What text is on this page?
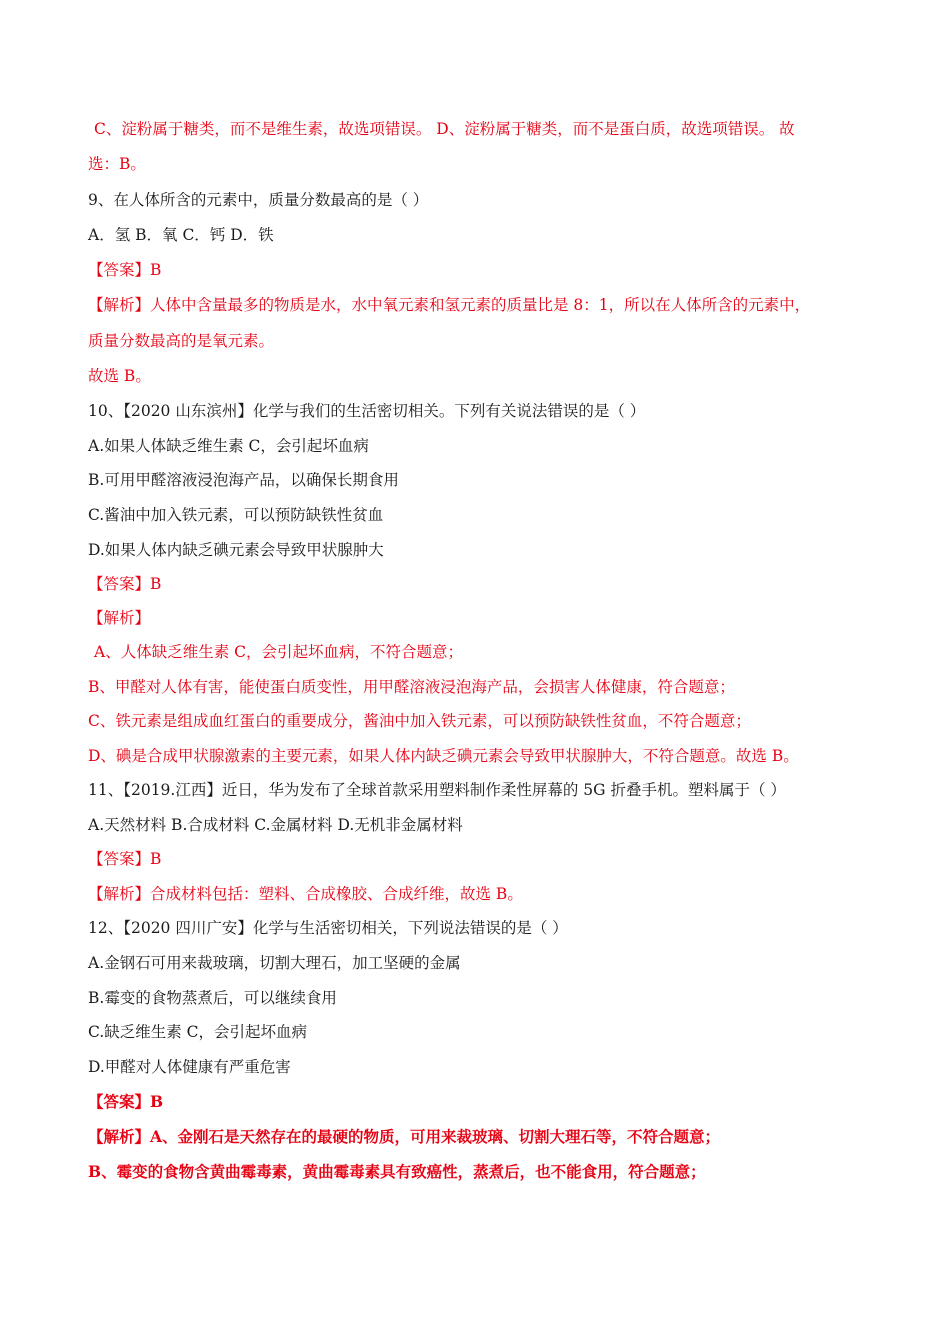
C、淀粉属于糖类，而不是维生素，故选项错误。 D、淀粉属于糖类，而不是蛋白质，故选项错误。 故
选：B。
9、在人体所含的元素中，质量分数最高的是（ ）
A．氢 B．氧 C．钙 D．铁
【答案】B
【解析】人体中含量最多的物质是水，水中氧元素和氢元素的质量比是 8：1，所以在人体所含的元素中，
质量分数最高的是氧元素。
故选 B。
10、【2020 山东滨州】化学与我们的生活密切相关。下列有关说法错误的是（ ）
A.如果人体缺乏维生素 C，会引起坏血病
B.可用甲醛溶液浸泡海产品，以确保长期食用
C.酱油中加入铁元素，可以预防缺铁性贫血
D.如果人体内缺乏碘元素会导致甲状腺肿大
【答案】B
【解析】
A、人体缺乏维生素 C，会引起坏血病，不符合题意；
B、甲醛对人体有害，能使蛋白质变性，用甲醛溶液浸泡海产品，会损害人体健康，符合题意；
C、铁元素是组成血红蛋白的重要成分，酱油中加入铁元素，可以预防缺铁性贫血，不符合题意；
D、碘是合成甲状腺激素的主要元素，如果人体内缺乏碘元素会导致甲状腺肿大，不符合题意。故选 B。
11、【2019.江西】近日，华为发布了全球首款采用塑料制作柔性屏幕的 5G 折叠手机。塑料属于（ ）
A.天然材料 B.合成材料 C.金属材料 D.无机非金属材料
【答案】B
【解析】合成材料包括：塑料、合成橡胶、合成纤维，故选 B。
12、【2020 四川广安】化学与生活密切相关，下列说法错误的是（ ）
A.金钢石可用来裁玻璃，切割大理石，加工坚硬的金属
B.霉变的食物蒸煮后，可以继续食用
C.缺乏维生素 C，会引起坏血病
D.甲醛对人体健康有严重危害
【答案】B
【解析】A、金刚石是天然存在的最硬的物质，可用来裁玻璃、切割大理石等，不符合题意；
B、霉变的食物含黄曲霉毒素，黄曲霉毒素具有致癌性，蒸煮后，也不能食用，符合题意；
